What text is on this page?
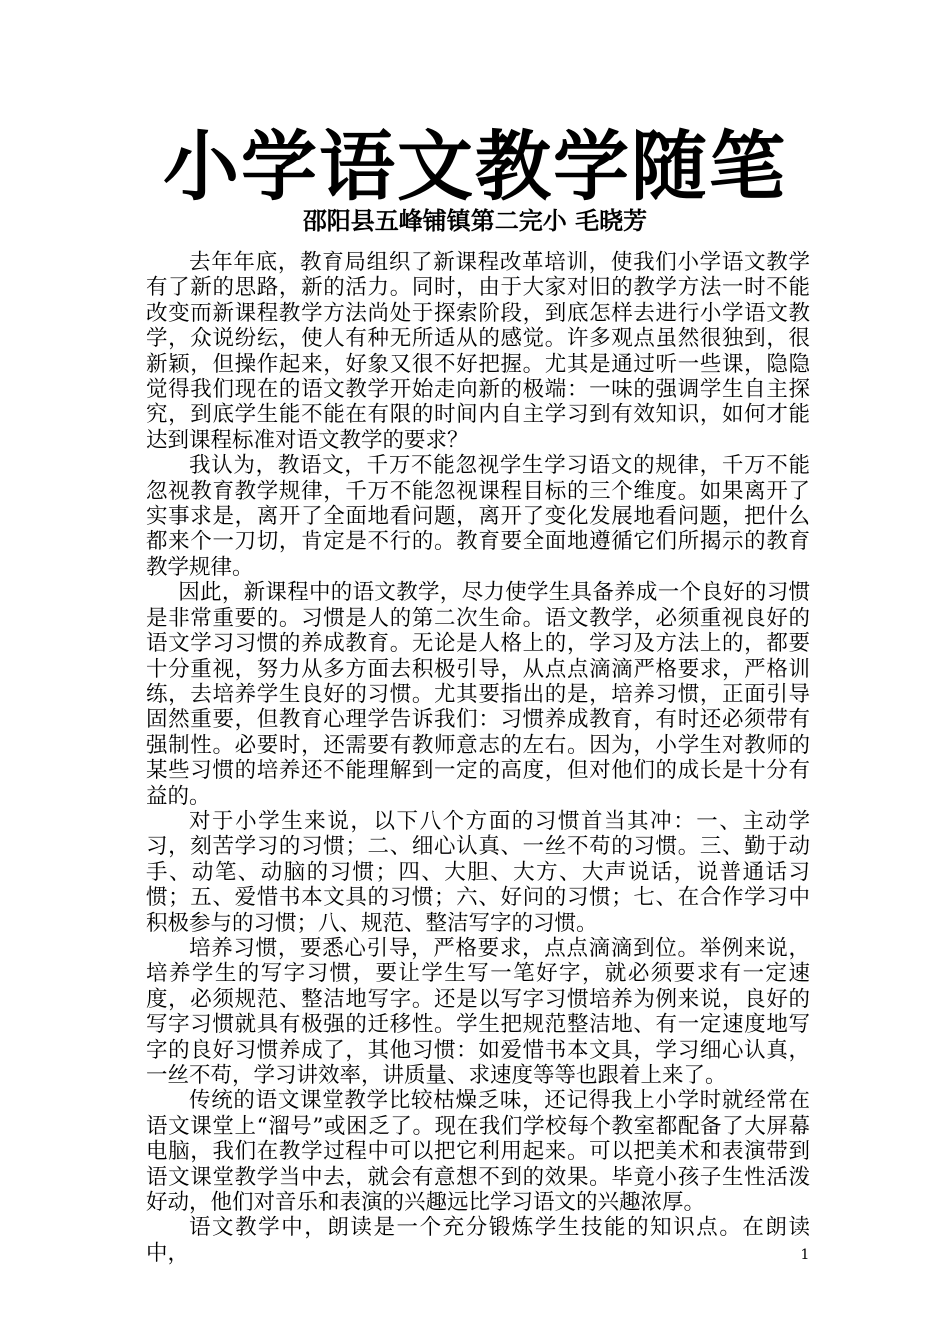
小学语文教学随笔
邵阳县五峰铺镇第二完小 毛晓芳

去年年底，教育局组织了新课程改革培训，使我们小学语文教学有了新的思路，新的活力。同时，由于大家对旧的教学方法一时不能改变而新课程教学方法尚处于探索阶段，到底怎样去进行小学语文教学，众说纷纭，使人有种无所适从的感觉。许多观点虽然很独到，很新颖，但操作起来，好象又很不好把握。尤其是通过听一些课，隐隐觉得我们现在的语文教学开始走向新的极端：一味的强调学生自主探究，到底学生能不能在有限的时间内自主学习到有效知识，如何才能达到课程标准对语文教学的要求？

我认为，教语文，千万不能忽视学生学习语文的规律，千万不能忽视教育教学规律，千万不能忽视课程目标的三个维度。如果离开了实事求是，离开了全面地看问题，离开了变化发展地看问题，把什么都来个一刀切，肯定是不行的。教育要全面地遵循它们所揭示的教育教学规律。

因此，新课程中的语文教学，尽力使学生具备养成一个良好的习惯是非常重要的。习惯是人的第二次生命。语文教学，必须重视良好的语文学习习惯的养成教育。无论是人格上的，学习及方法上的，都要十分重视，努力从多方面去积极引导，从点点滴滴严格要求，严格训练，去培养学生良好的习惯。尤其要指出的是，培养习惯，正面引导固然重要，但教育心理学告诉我们：习惯养成教育，有时还必须带有强制性。必要时，还需要有教师意志的左右。因为，小学生对教师的某些习惯的培养还不能理解到一定的高度，但对他们的成长是十分有益的。

对于小学生来说，以下八个方面的习惯首当其冲：一、主动学习，刻苦学习的习惯；二、细心认真、一丝不苟的习惯。三、勤于动手、动笔、动脑的习惯；四、大胆、大方、大声说话，说普通话习惯；五、爱惜书本文具的习惯；六、好问的习惯；七、在合作学习中积极参与的习惯；八、规范、整洁写字的习惯。

培养习惯，要悉心引导，严格要求，点点滴滴到位。举例来说，培养学生的写字习惯，要让学生写一笔好字，就必须要求有一定速度，必须规范、整洁地写字。还是以写字习惯培养为例来说，良好的写字习惯就具有极强的迁移性。学生把规范整洁地、有一定速度地写字的良好习惯养成了，其他习惯：如爱惜书本文具，学习细心认真，一丝不苟，学习讲效率，讲质量、求速度等等也跟着上来了。

传统的语文课堂教学比较枯燥乏味，还记得我上小学时就经常在语文课堂上“溜号”或困乏了。现在我们学校每个教室都配备了大屏幕电脑，我们在教学过程中可以把它利用起来。可以把美术和表演带到语文课堂教学当中去，就会有意想不到的效果。毕竟小孩子生性活泼好动，他们对音乐和表演的兴趣远比学习语文的兴趣浓厚。

语文教学中，朗读是一个充分锻炼学生技能的知识点。在朗读中，	1
